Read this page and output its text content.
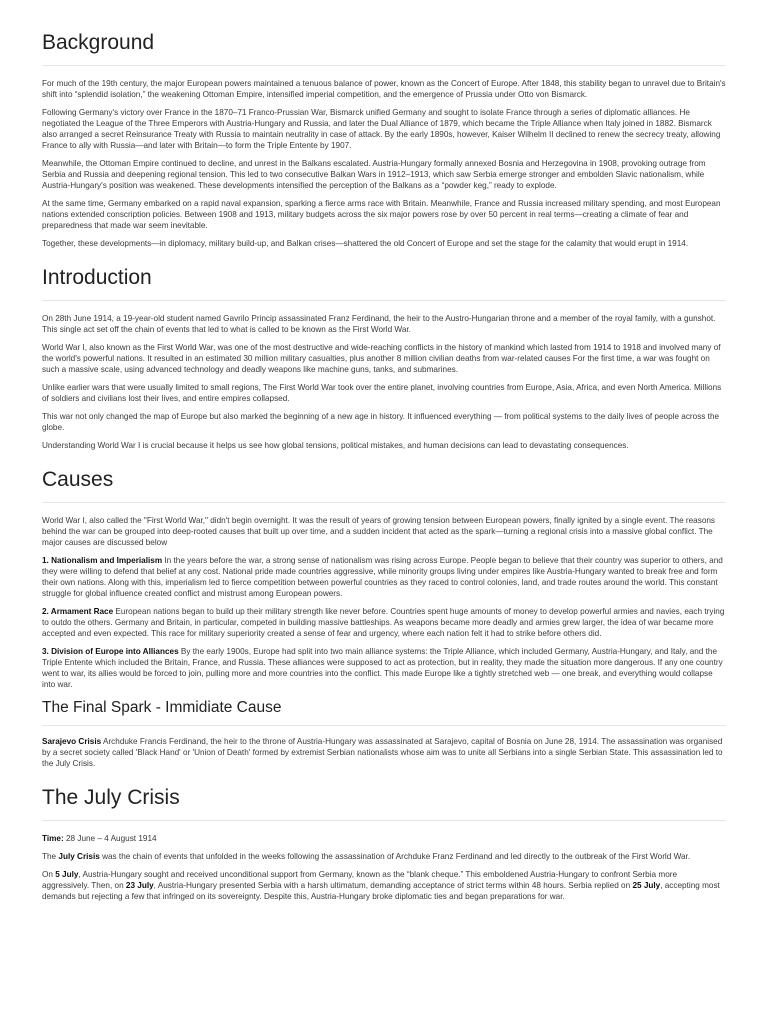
Background

For much of the 19th century, the major European powers maintained a tenuous balance of power, known as the Concert of Europe. After 1848, this stability began to unravel due to Britain's shift into “splendid isolation,” the weakening Ottoman Empire, intensified imperial competition, and the emergence of Prussia under Otto von Bismarck.

Following Germany's victory over France in the 1870–71 Franco-Prussian War, Bismarck unified Germany and sought to isolate France through a series of diplomatic alliances. He negotiated the League of the Three Emperors with Austria-Hungary and Russia, and later the Dual Alliance of 1879, which became the Triple Alliance when Italy joined in 1882. Bismarck also arranged a secret Reinsurance Treaty with Russia to maintain neutrality in case of attack. By the early 1890s, however, Kaiser Wilhelm II declined to renew the secrecy treaty, allowing France to ally with Russia—and later with Britain—to form the Triple Entente by 1907.

Meanwhile, the Ottoman Empire continued to decline, and unrest in the Balkans escalated. Austria-Hungary formally annexed Bosnia and Herzegovina in 1908, provoking outrage from Serbia and Russia and deepening regional tension. This led to two consecutive Balkan Wars in 1912–1913, which saw Serbia emerge stronger and embolden Slavic nationalism, while Austria-Hungary's position was weakened. These developments intensified the perception of the Balkans as a “powder keg,” ready to explode.

At the same time, Germany embarked on a rapid naval expansion, sparking a fierce arms race with Britain. Meanwhile, France and Russia increased military spending, and most European nations extended conscription policies. Between 1908 and 1913, military budgets across the six major powers rose by over 50 percent in real terms—creating a climate of fear and preparedness that made war seem inevitable.

Together, these developments—in diplomacy, military build-up, and Balkan crises—shattered the old Concert of Europe and set the stage for the calamity that would erupt in 1914.

Introduction

On 28th June 1914, a 19-year-old student named Gavrilo Princip assassinated Franz Ferdinand, the heir to the Austro-Hungarian throne and a member of the royal family, with a gunshot. This single act set off the chain of events that led to what is called to be known as the First World War.

World War I, also known as the First World War, was one of the most destructive and wide-reaching conflicts in the history of mankind which lasted from 1914 to 1918 and involved many of the world's powerful nations. It resulted in an estimated 30 million military casualties, plus another 8 million civilian deaths from war-related causes For the first time, a war was fought on such a massive scale, using advanced technology and deadly weapons like machine guns, tanks, and submarines.

Unlike earlier wars that were usually limited to small regions, The First World War took over the entire planet, involving countries from Europe, Asia, Africa, and even North America. Millions of soldiers and civilians lost their lives, and entire empires collapsed.

This war not only changed the map of Europe but also marked the beginning of a new age in history. It influenced everything — from political systems to the daily lives of people across the globe.

Understanding World War I is crucial because it helps us see how global tensions, political mistakes, and human decisions can lead to devastating consequences.

Causes

World War I, also called the "First World War," didn't begin overnight. It was the result of years of growing tension between European powers, finally ignited by a single event. The reasons behind the war can be grouped into deep-rooted causes that built up over time, and a sudden incident that acted as the spark—turning a regional crisis into a massive global conflict. The major causes are discussed below

1. Nationalism and Imperialism In the years before the war, a strong sense of nationalism was rising across Europe. People began to believe that their country was superior to others, and they were willing to defend that belief at any cost. National pride made countries aggressive, while minority groups living under empires like Austria-Hungary wanted to break free and form their own nations. Along with this, imperialism led to fierce competition between powerful countries as they raced to control colonies, land, and trade routes around the world. This constant struggle for global influence created conflict and mistrust among European powers.

2. Armament Race European nations began to build up their military strength like never before. Countries spent huge amounts of money to develop powerful armies and navies, each trying to outdo the others. Germany and Britain, in particular, competed in building massive battleships. As weapons became more deadly and armies grew larger, the idea of war became more accepted and even expected. This race for military superiority created a sense of fear and urgency, where each nation felt it had to strike before others did.

3. Division of Europe into Alliances By the early 1900s, Europe had split into two main alliance systems: the Triple Alliance, which included Germany, Austria-Hungary, and Italy, and the Triple Entente which included the Britain, France, and Russia. These alliances were supposed to act as protection, but in reality, they made the situation more dangerous. If any one country went to war, its allies would be forced to join, pulling more and more countries into the conflict. This made Europe like a tightly stretched web — one break, and everything would collapse into war.

The Final Spark - Immidiate Cause

Sarajevo Crisis Archduke Francis Ferdinand, the heir to the throne of Austria-Hungary was assassinated at Sarajevo, capital of Bosnia on June 28, 1914. The assassination was organised by a secret society called 'Black Hand' or 'Union of Death' formed by extremist Serbian nationalists whose aim was to unite all Serbians into a single Serbian State. This assassination led to the July Crisis.

The July Crisis

Time: 28 June – 4 August 1914

The July Crisis was the chain of events that unfolded in the weeks following the assassination of Archduke Franz Ferdinand and led directly to the outbreak of the First World War.

On 5 July, Austria-Hungary sought and received unconditional support from Germany, known as the “blank cheque.” This emboldened Austria-Hungary to confront Serbia more aggressively. Then, on 23 July, Austria-Hungary presented Serbia with a harsh ultimatum, demanding acceptance of strict terms within 48 hours. Serbia replied on 25 July, accepting most demands but rejecting a few that infringed on its sovereignty. Despite this, Austria-Hungary broke diplomatic ties and began preparations for war.
